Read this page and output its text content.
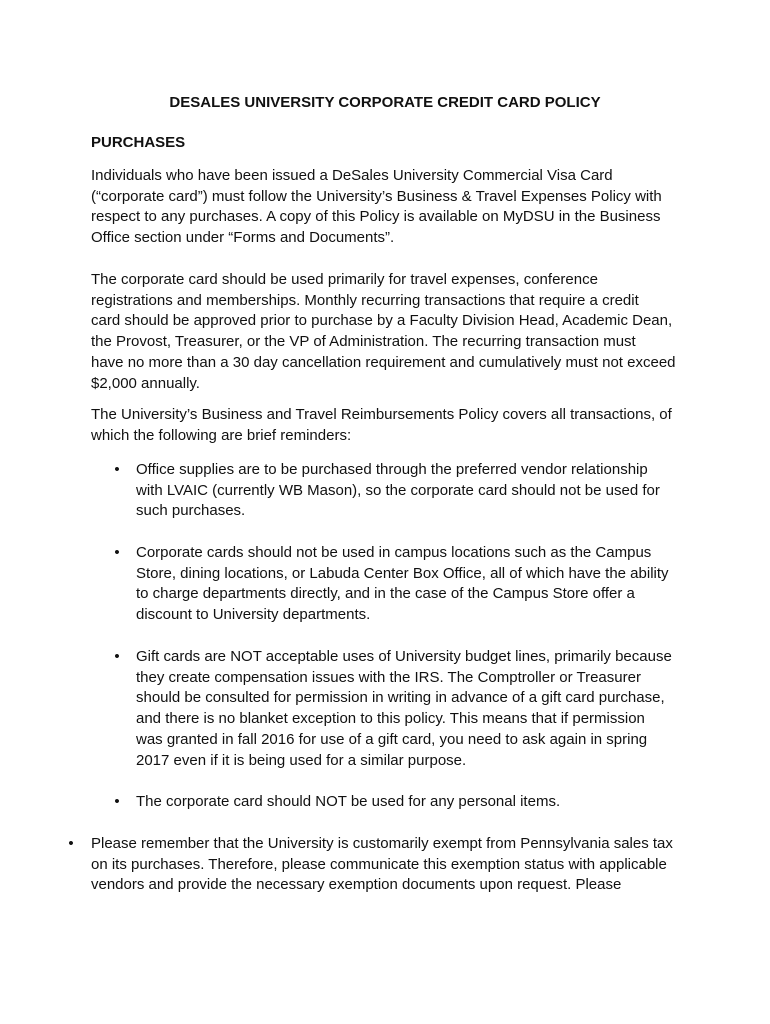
DESALES UNIVERSITY CORPORATE CREDIT CARD POLICY
PURCHASES
Individuals who have been issued a DeSales University Commercial Visa Card
(“corporate card”) must follow the University’s Business & Travel Expenses Policy with
respect to any purchases. A copy of this Policy is available on MyDSU in the Business
Office section under “Forms and Documents”.
The corporate card should be used primarily for travel expenses, conference
registrations and memberships. Monthly recurring transactions that require a credit
card should be approved prior to purchase by a Faculty Division Head, Academic Dean,
the Provost, Treasurer, or the VP of Administration. The recurring transaction must
have no more than a 30 day cancellation requirement and cumulatively must not exceed
$2,000 annually.
The University’s Business and Travel Reimbursements Policy covers all transactions, of
which the following are brief reminders:
• Office supplies are to be purchased through the preferred vendor relationship
with LVAIC (currently WB Mason), so the corporate card should not be used for
such purchases.
• Corporate cards should not be used in campus locations such as the Campus
Store, dining locations, or Labuda Center Box Office, all of which have the ability
to charge departments directly, and in the case of the Campus Store offer a
discount to University departments.
• Gift cards are NOT acceptable uses of University budget lines, primarily because
they create compensation issues with the IRS. The Comptroller or Treasurer
should be consulted for permission in writing in advance of a gift card purchase,
and there is no blanket exception to this policy. This means that if permission
was granted in fall 2016 for use of a gift card, you need to ask again in spring
2017 even if it is being used for a similar purpose.
• The corporate card should NOT be used for any personal items.
• Please remember that the University is customarily exempt from Pennsylvania sales tax
on its purchases. Therefore, please communicate this exemption status with applicable
vendors and provide the necessary exemption documents upon request. Please
